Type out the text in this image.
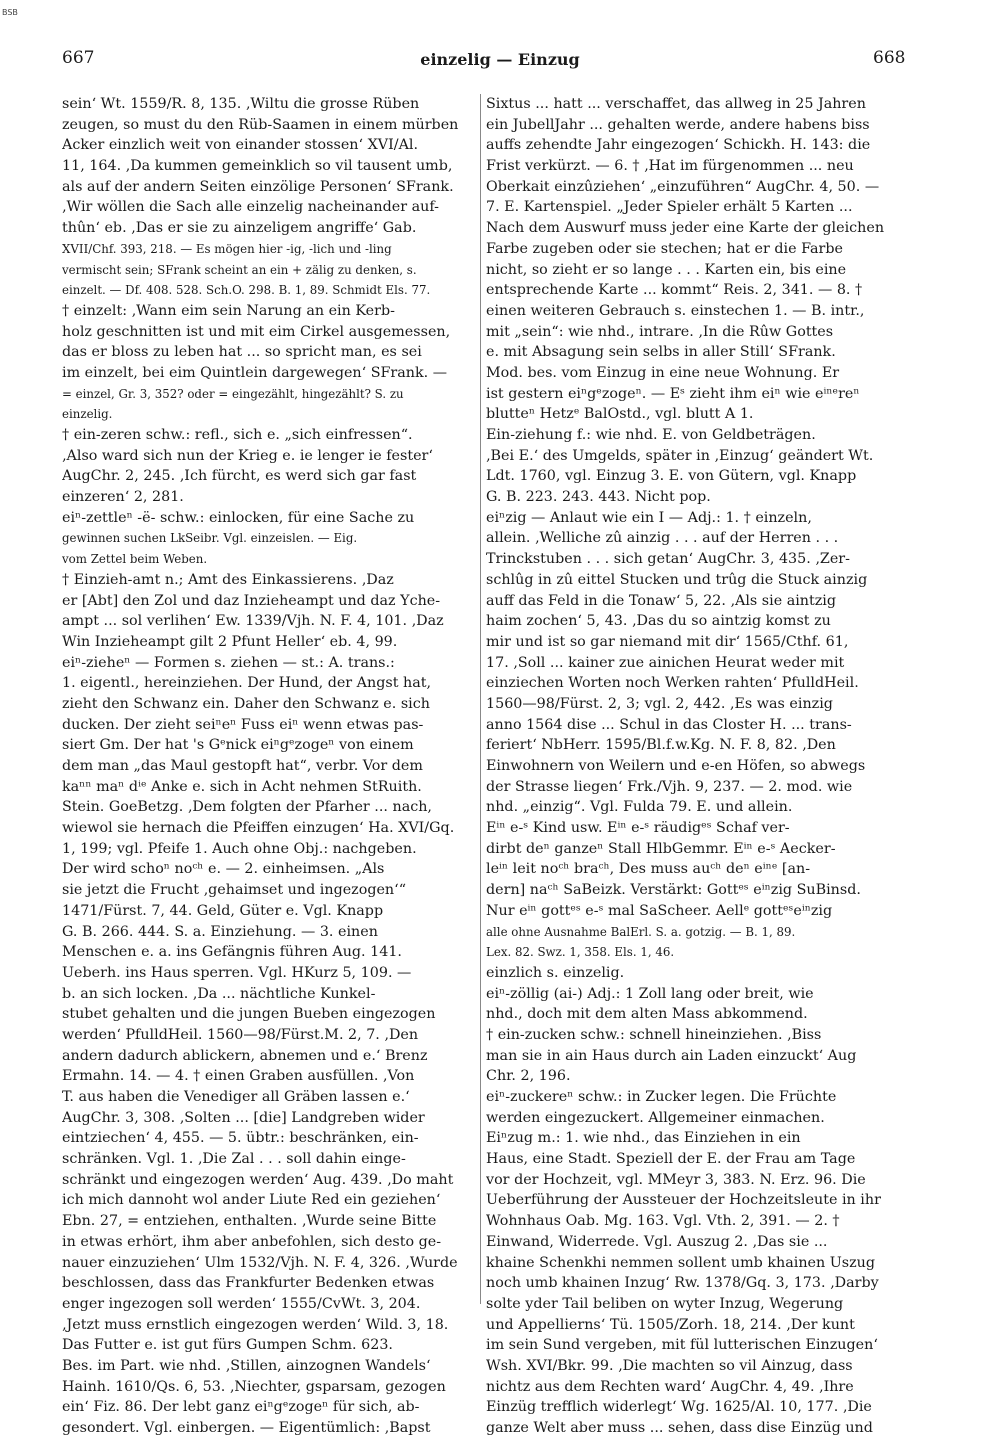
BSB
667	einzelig — Einzug	668
sein‘ Wt. 1559/R. 8, 135. ‚Wiltu die grosse Rüben
zeugen, so must du den Rüb-Saamen in einem mürben
Acker einzlich weit von einander stossen‘ XVI/Al.
11, 164. ‚Da kummen gemeinklich so vil tausent umb,
als auf der andern Seiten einzölige Personen‘ SFrank.
‚Wir wöllen die Sach alle einzelig nacheinander auf-
thûn‘ eb. ‚Das er sie zu ainzeligem angriffe‘ Gab.
XVII/Chf. 393, 218. — Es mögen hier -ig, -lich und -ling
vermischt sein; SFrank scheint an ein + zälig zu denken, s.
einzelt. — Df. 408. 528. Sch.O. 298. B. 1, 89. Schmidt Els. 77.
† einzelt: ‚Wann eim sein Narung an ein Kerb-
holz geschnitten ist und mit eim Cirkel ausgemessen,
das er bloss zu leben hat ... so spricht man, es sei
im einzelt, bei eim Quintlein dargewegen‘ SFrank. —
= einzel, Gr. 3, 352? oder = eingezählt, hingezählt? S. zu
einzelig.
† ein-zeren schw.: refl., sich e. „sich einfressen“.
‚Also ward sich nun der Krieg e. ie lenger ie fester‘
AugChr. 2, 245. ‚Ich fürcht, es werd sich gar fast
einzeren‘ 2, 281.
eiⁿ-zettleⁿ -ë- schw.: einlocken, für eine Sache zu
gewinnen suchen LkSeibr. Vgl. einzeislen. — Eig.
vom Zettel beim Weben.
† Einzieh-amt n.; Amt des Einkassierens. ‚Daz
er [Abt] den Zol und daz Inzieheampt und daz Yche-
ampt ... sol verlihen‘ Ew. 1339/Vjh. N. F. 4, 101. ‚Daz
Win Inzieheampt gilt 2 Pfunt Heller‘ eb. 4, 99.
eiⁿ-zieheⁿ — Formen s. ziehen — st.: A. trans.:
1. eigentl., hereinziehen. Der Hund, der Angst hat,
zieht den Schwanz ein. Daher den Schwanz e. sich
ducken. Der zieht seiⁿeⁿ Fuss eiⁿ wenn etwas pas-
siert Gm. Der hat 's Gᵉnick eiⁿgᵉzogeⁿ von einem
dem man „das Maul gestopft hat“, verbr. Vor dem
kaⁿⁿ maⁿ dⁱᵉ Anke e. sich in Acht nehmen StRuith.
Stein. GoeBetzg. ‚Dem folgten der Pfarher ... nach,
wiewol sie hernach die Pfeiffen einzugen‘ Ha. XVI/Gq.
1, 199; vgl. Pfeife 1. Auch ohne Obj.: nachgeben.
Der wird schoⁿ noᶜʰ e. — 2. einheimsen. „Als
sie jetzt die Frucht ‚gehaimset und ingezogen‘“
1471/Fürst. 7, 44. Geld, Güter e. Vgl. Knapp
G. B. 266. 444. S. a. Einziehung. — 3. einen
Menschen e. a. ins Gefängnis führen Aug. 141.
Ueberh. ins Haus sperren. Vgl. HKurz 5, 109. —
b. an sich locken. ‚Da ... nächtliche Kunkel-
stubet gehalten und die jungen Bueben eingezogen
werden‘ PfulldHeil. 1560—98/Fürst.M. 2, 7. ‚Den
andern dadurch ablickern, abnemen und e.‘ Brenz
Ermahn. 14. — 4. † einen Graben ausfüllen. ‚Von
T. aus haben die Venediger all Gräben lassen e.‘
AugChr. 3, 308. ‚Solten ... [die] Landgreben wider
eintziechen‘ 4, 455. — 5. übtr.: beschränken, ein-
schränken. Vgl. 1. ‚Die Zal . . . soll dahin einge-
schränkt und eingezogen werden‘ Aug. 439. ‚Do maht
ich mich dannoht wol ander Liute Red ein geziehen‘
Ebn. 27, = entziehen, enthalten. ‚Wurde seine Bitte
in etwas erhört, ihm aber anbefohlen, sich desto ge-
nauer einzuziehen‘ Ulm 1532/Vjh. N. F. 4, 326. ‚Wurde
beschlossen, dass das Frankfurter Bedenken etwas
enger ingezogen soll werden‘ 1555/CvWt. 3, 204.
‚Jetzt muss ernstlich eingezogen werden‘ Wild. 3, 18.
Das Futter e. ist gut fürs Gumpen Schm. 623.
Bes. im Part. wie nhd. ‚Stillen, ainzognen Wandels‘
Hainh. 1610/Qs. 6, 53. ‚Niechter, gsparsam, gezogen
ein‘ Fiz. 86. Der lebt ganz eiⁿgᵉzogeⁿ für sich, ab-
gesondert. Vgl. einbergen. — Eigentümlich: ‚Bapst
Sixtus ... hatt ... verschaffet, das allweg in 25 Jahren
ein JubellJahr ... gehalten werde, andere habens biss
auffs zehendte Jahr eingezogen‘ Schickh. H. 143: die
Frist verkürzt. — 6. † ‚Hat im fürgenommen ... neu
Oberkait einzûziehen‘ „einzuführen“ AugChr. 4, 50. —
7. E. Kartenspiel. „Jeder Spieler erhält 5 Karten ...
Nach dem Auswurf muss jeder eine Karte der gleichen
Farbe zugeben oder sie stechen; hat er die Farbe
nicht, so zieht er so lange . . . Karten ein, bis eine
entsprechende Karte ... kommt“ Reis. 2, 341. — 8. †
einen weiteren Gebrauch s. einstechen 1. — B. intr.,
mit „sein“: wie nhd., intrare. ‚In die Rûw Gottes
e. mit Absagung sein selbs in aller Still‘ SFrank.
Mod. bes. vom Einzug in eine neue Wohnung. Er
ist gestern eiⁿgᵉzogeⁿ. — Eˢ zieht ihm eiⁿ wie eⁱⁿᵉreⁿ
blutteⁿ Hetzᵉ BalOstd., vgl. blutt A 1.
Ein-ziehung f.: wie nhd. E. von Geldbeträgen.
‚Bei E.‘ des Umgelds, später in ‚Einzug‘ geändert Wt.
Ldt. 1760, vgl. Einzug 3. E. von Gütern, vgl. Knapp
G. B. 223. 243. 443. Nicht pop.
eiⁿzig — Anlaut wie ein I — Adj.: 1. † einzeln,
allein. ‚Welliche zû ainzig . . . auf der Herren . . .
Trinckstuben . . . sich getan‘ AugChr. 3, 435. ‚Zer-
schlûg in zû eittel Stucken und trûg die Stuck ainzig
auff das Feld in die Tonaw‘ 5, 22. ‚Als sie aintzig
haim zochen‘ 5, 43. ‚Das du so aintzig komst zu
mir und ist so gar niemand mit dir‘ 1565/Cthf. 61,
17. ‚Soll ... kainer zue ainichen Heurat weder mit
einziechen Worten noch Werken rahten‘ PfulldHeil.
1560—98/Fürst. 2, 3; vgl. 2, 442. ‚Es was einzig
anno 1564 dise ... Schul in das Closter H. ... trans-
feriert‘ NbHerr. 1595/Bl.f.w.Kg. N. F. 8, 82. ‚Den
Einwohnern von Weilern und e-en Höfen, so abwegs
der Strasse liegen‘ Frk./Vjh. 9, 237. — 2. mod. wie
nhd. „einzig“. Vgl. Fulda 79. E. und allein.
Eⁱⁿ e-ˢ Kind usw. Eⁱⁿ e-ˢ räudigᵉˢ Schaf ver-
dirbt deⁿ ganzeⁿ Stall HlbGemmr. Eⁱⁿ e-ˢ Aecker-
leⁱⁿ leit noᶜʰ braᶜʰ, Des muss auᶜʰ deⁿ eⁱⁿᵉ [an-
dern] naᶜʰ SaBeizk. Verstärkt: Gottᵉˢ eⁱⁿzig SuBinsd.
Nur eⁱⁿ gottᵉˢ e-ˢ mal SaScheer. Aellᵉ gottᵉˢeⁱⁿzig
alle ohne Ausnahme BalErl. S. a. gotzig. — B. 1, 89.
Lex. 82. Swz. 1, 358. Els. 1, 46.
einzlich s. einzelig.
eiⁿ-zöllig (ai-) Adj.: 1 Zoll lang oder breit, wie
nhd., doch mit dem alten Mass abkommend.
† ein-zucken schw.: schnell hineinziehen. ‚Biss
man sie in ain Haus durch ain Laden einzuckt‘ Aug
Chr. 2, 196.
eiⁿ-zuckereⁿ schw.: in Zucker legen. Die Früchte
werden eingezuckert. Allgemeiner einmachen.
Eiⁿzug m.: 1. wie nhd., das Einziehen in ein
Haus, eine Stadt. Speziell der E. der Frau am Tage
vor der Hochzeit, vgl. MMeyr 3, 383. N. Erz. 96. Die
Ueberführung der Aussteuer der Hochzeitsleute in ihr
Wohnhaus Oab. Mg. 163. Vgl. Vth. 2, 391. — 2. †
Einwand, Widerrede. Vgl. Auszug 2. ‚Das sie ...
khaine Schenkhi nemmen sollent umb khainen Uszug
noch umb khainen Inzug‘ Rw. 1378/Gq. 3, 173. ‚Darby
solte yder Tail beliben on wyter Inzug, Wegerung
und Appelliernsʻ Tü. 1505/Zorh. 18, 214. ‚Der kunt
im sein Sund vergeben, mit fül lutterischen Einzugen‘
Wsh. XVI/Bkr. 99. ‚Die machten so vil Ainzug, dass
nichtz aus dem Rechten ward‘ AugChr. 4, 49. ‚Ihre
Einzüg trefflich widerlegt‘ Wg. 1625/Al. 10, 177. ‚Die
ganze Welt aber muss ... sehen, dass dise Einzüg und
